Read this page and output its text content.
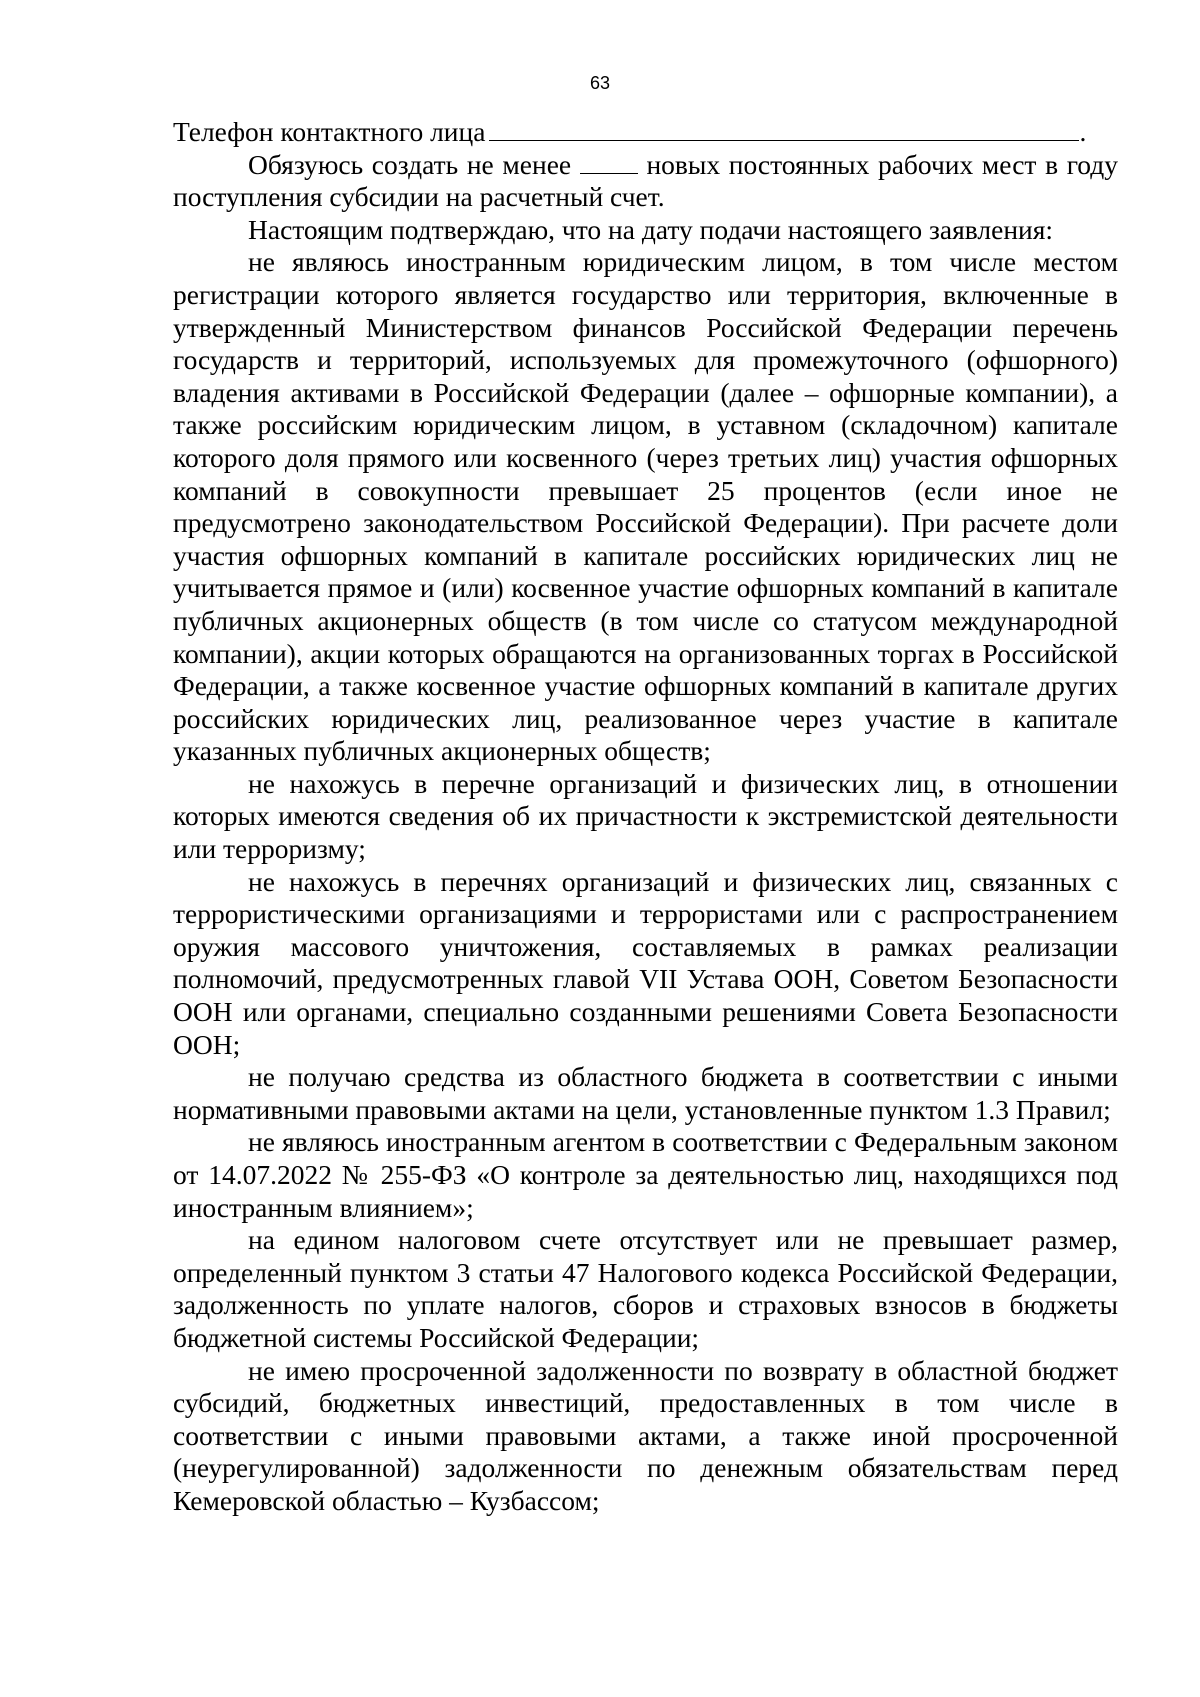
63

Телефон контактного лица	.

Обязуюсь создать не менее	новых постоянных рабочих мест в году поступления субсидии на расчетный счет.

Настоящим подтверждаю, что на дату подачи настоящего заявления:

не являюсь иностранным юридическим лицом, в том числе местом регистрации которого является государство или территория, включенные в утвержденный Министерством финансов Российской Федерации перечень государств и территорий, используемых для промежуточного (офшорного) владения активами в Российской Федерации (далее – офшорные компании), а также российским юридическим лицом, в уставном (складочном) капитале которого доля прямого или косвенного (через третьих лиц) участия офшорных компаний в совокупности превышает 25 процентов (если иное не предусмотрено законодательством Российской Федерации). При расчете доли участия офшорных компаний в капитале российских юридических лиц не учитывается прямое и (или) косвенное участие офшорных компаний в капитале публичных акционерных обществ (в том числе со статусом международной компании), акции которых обращаются на организованных торгах в Российской Федерации, а также косвенное участие офшорных компаний в капитале других российских юридических лиц, реализованное через участие в капитале указанных публичных акционерных обществ;

не нахожусь в перечне организаций и физических лиц, в отношении которых имеются сведения об их причастности к экстремистской деятельности или терроризму;

не нахожусь в перечнях организаций и физических лиц, связанных с террористическими организациями и террористами или с распространением оружия массового уничтожения, составляемых в рамках реализации полномочий, предусмотренных главой VII Устава ООН, Советом Безопасности ООН или органами, специально созданными решениями Совета Безопасности ООН;

не получаю средства из областного бюджета в соответствии с иными нормативными правовыми актами на цели, установленные пунктом 1.3 Правил;

не являюсь иностранным агентом в соответствии с Федеральным законом от 14.07.2022 № 255-ФЗ «О контроле за деятельностью лиц, находящихся под иностранным влиянием»;

на едином налоговом счете отсутствует или не превышает размер, определенный пунктом 3 статьи 47 Налогового кодекса Российской Федерации, задолженность по уплате налогов, сборов и страховых взносов в бюджеты бюджетной системы Российской Федерации;

не имею просроченной задолженности по возврату в областной бюджет субсидий, бюджетных инвестиций, предоставленных в том числе в соответствии с иными правовыми актами, а также иной просроченной (неурегулированной) задолженности по денежным обязательствам перед Кемеровской областью – Кузбассом;
